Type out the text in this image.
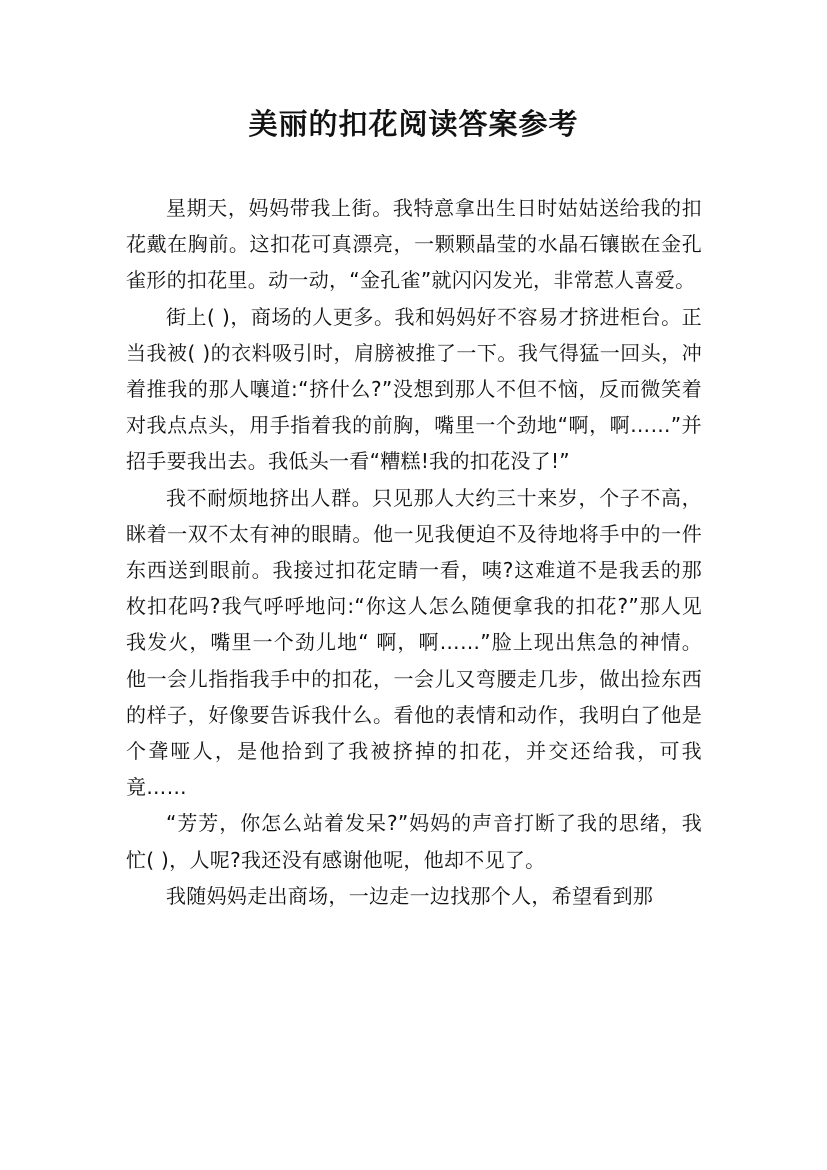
美丽的扣花阅读答案参考

星期天，妈妈带我上街。我特意拿出生日时姑姑送给我的扣花戴在胸前。这扣花可真漂亮，一颗颗晶莹的水晶石镶嵌在金孔雀形的扣花里。动一动，“金孔雀”就闪闪发光，非常惹人喜爱。

街上( )，商场的人更多。我和妈妈好不容易才挤进柜台。正当我被( )的衣料吸引时，肩膀被推了一下。我气得猛一回头，冲着推我的那人嚷道:“挤什么?”没想到那人不但不恼，反而微笑着对我点点头，用手指着我的前胸，嘴里一个劲地“啊，啊……”并招手要我出去。我低头一看“糟糕!我的扣花没了!”

我不耐烦地挤出人群。只见那人大约三十来岁，个子不高，眯着一双不太有神的眼睛。他一见我便迫不及待地将手中的一件东西送到眼前。我接过扣花定睛一看，咦?这难道不是我丢的那枚扣花吗?我气呼呼地问:“你这人怎么随便拿我的扣花?”那人见我发火，嘴里一个劲儿地“ 啊，啊……”脸上现出焦急的神情。他一会儿指指我手中的扣花，一会儿又弯腰走几步，做出捡东西的样子，好像要告诉我什么。看他的表情和动作，我明白了他是个聋哑人，是他拾到了我被挤掉的扣花，并交还给我，可我竟……

“芳芳，你怎么站着发呆?”妈妈的声音打断了我的思绪，我忙( )，人呢?我还没有感谢他呢，他却不见了。

我随妈妈走出商场，一边走一边找那个人，希望看到那
